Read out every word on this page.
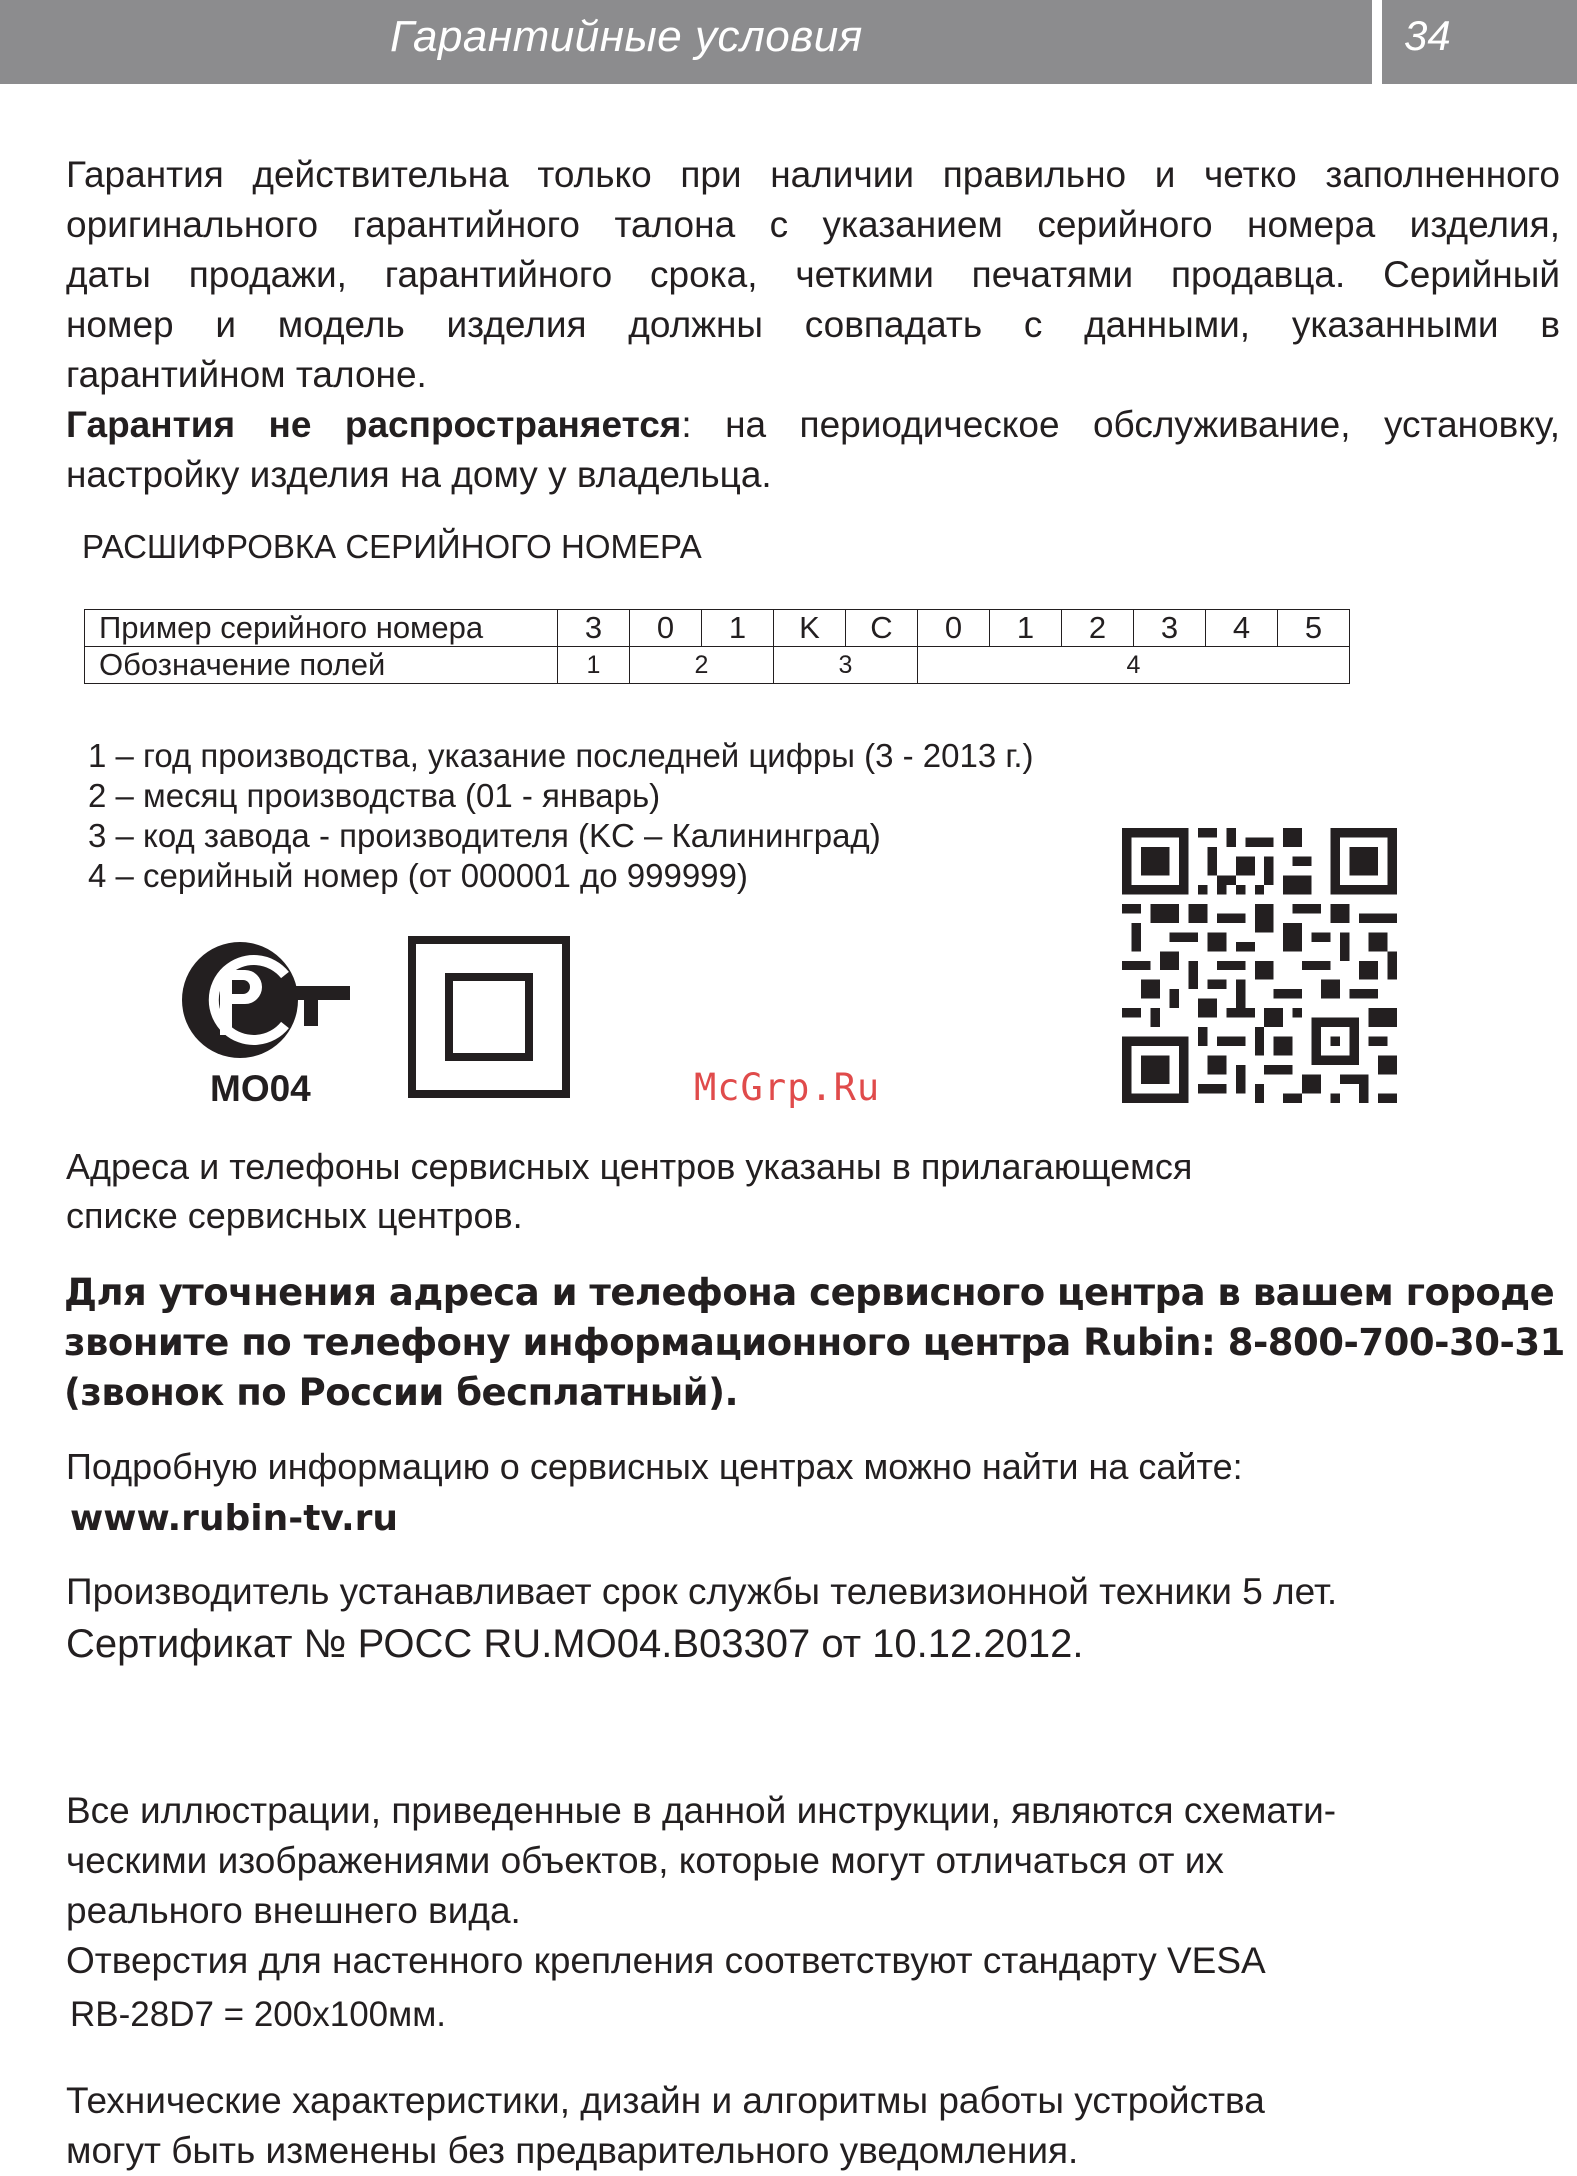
Гарантийные условия	34
Гарантия действительна только при наличии правильно и четко заполненного
оригинального гарантийного талона с указанием серийного номера изделия,
даты продажи, гарантийного срока, четкими печатями продавца. Серийный
номер и модель изделия должны совпадать с данными, указанными в
гарантийном талоне.
Гарантия не распространяется: на периодическое обслуживание, установку,
настройку изделия на дому у владельца.
РАСШИФРОВКА СЕРИЙНОГО НОМЕРА
Пример серийного номера	3	0	1	K	C	0	1	2	3	4	5
Обозначение полей	1	2		3		4					
1 – год производства, указание последней цифры (3 - 2013 г.)
2 – месяц производства (01 - январь)
3 – код завода - производителя (KC – Калининград)
4 – серийный номер (от 000001 до 999999)
MO04	McGrp.Ru
Адреса и телефоны сервисных центров указаны в прилагающемся
списке сервисных центров.
Для уточнения адреса и телефона сервисного центра в вашем городе
звоните по телефону информационного центра Rubin: 8-800-700-30-31
(звонок по России бесплатный).
Подробную информацию о сервисных центрах можно найти на сайте:
www.rubin-tv.ru
Производитель устанавливает срок службы телевизионной техники 5 лет.
Сертификат № РОСС RU.MO04.B03307 от 10.12.2012.
Все иллюстрации, приведенные в данной инструкции, являются схемати-
ческими изображениями объектов, которые могут отличаться от их
реального внешнего вида.
Отверстия для настенного крепления соответствуют стандарту VESA
RB-28D7 = 200x100мм.
Технические характеристики, дизайн и алгоритмы работы устройства
могут быть изменены без предварительного уведомления.
